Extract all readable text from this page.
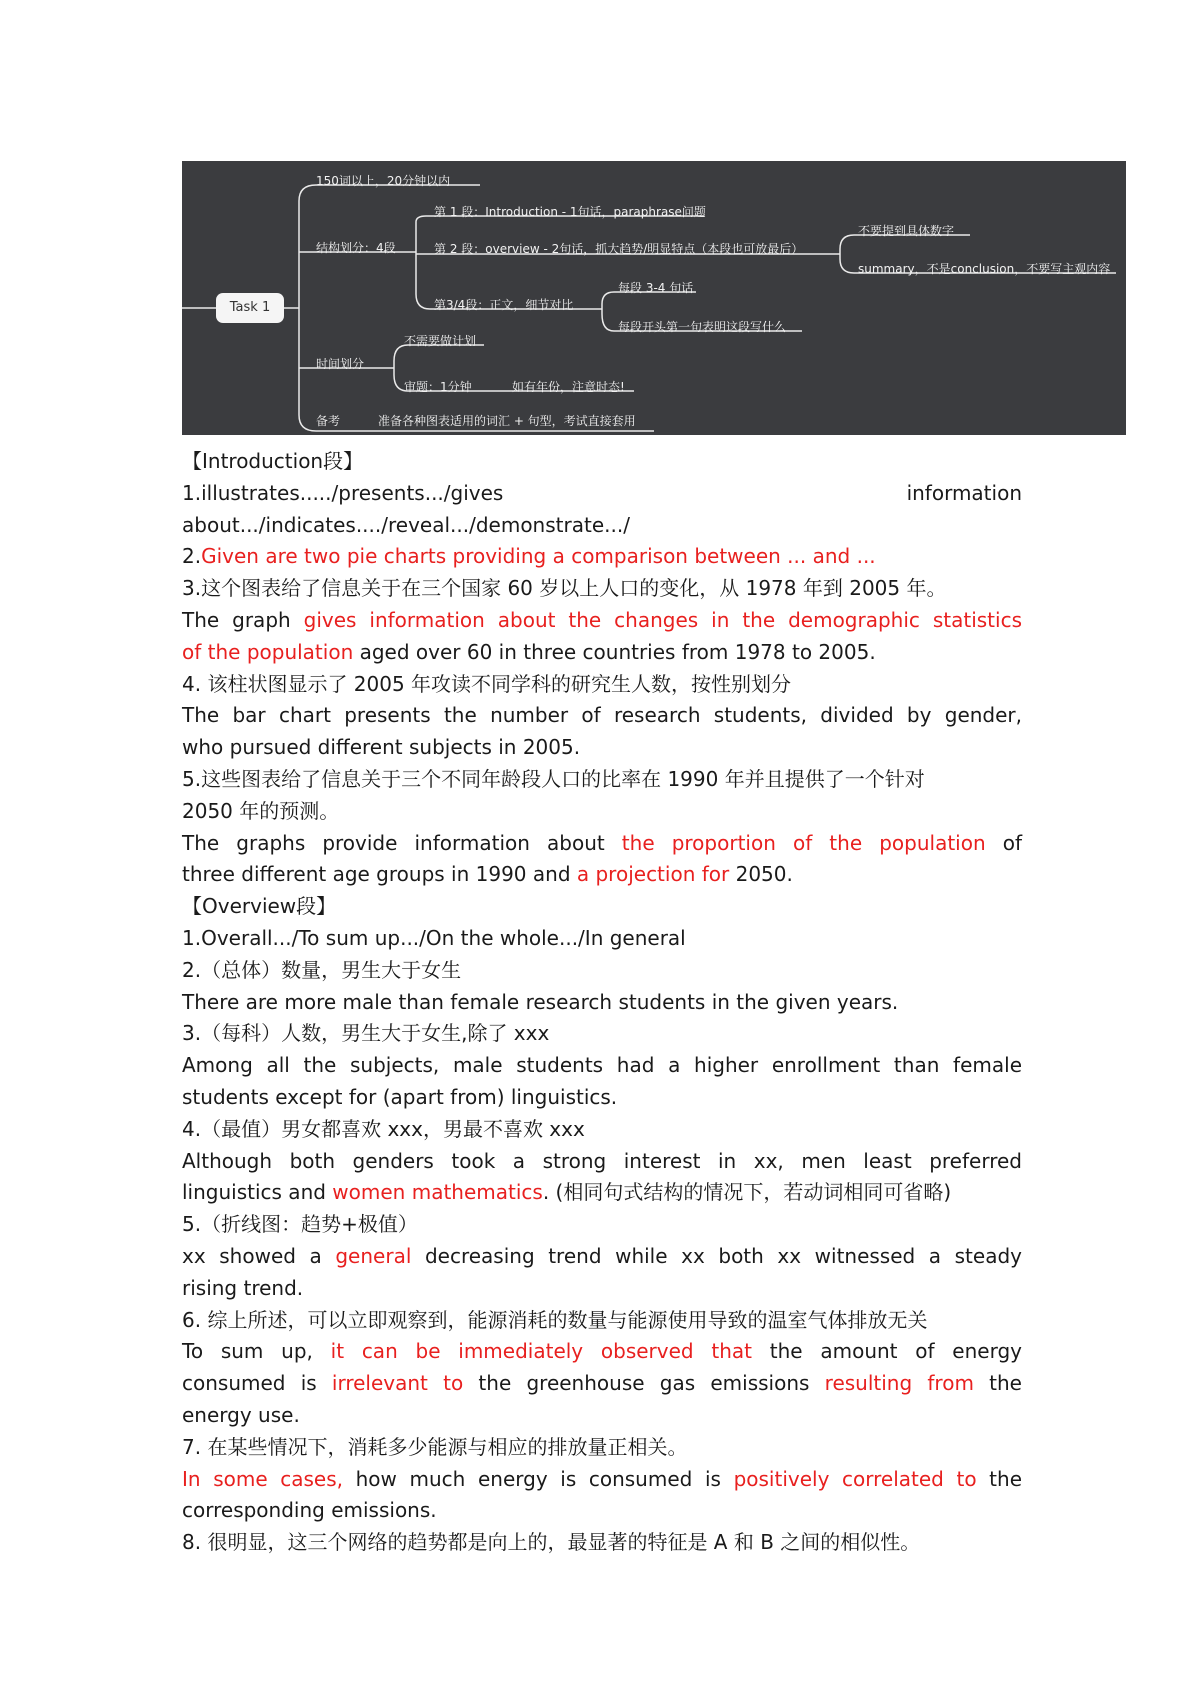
Task 1
150词以上，20分钟以内
结构划分：4段
第 1 段：Introduction - 1句话，paraphrase问题
第 2 段：overview - 2句话，抓大趋势/明显特点（本段也可放最后）
不要提到具体数字
summary，不是conclusion，不要写主观内容
第3/4段：正文，细节对比
每段 3-4 句话
每段开头第一句表明这段写什么
时间划分
不需要做计划
审题：1分钟	如有年份，注意时态!
备考	准备各种图表适用的词汇 + 句型，考试直接套用

【Introduction段】

1.illustrates...../presents.../gives	information

about.../indicates..../reveal.../demonstrate.../

2.Given are two pie charts providing a comparison between ... and ...

3.这个图表给了信息关于在三个国家 60 岁以上人口的变化，从 1978 年到 2005 年。

The graph gives information about the changes in the demographic statistics

of the population aged over 60 in three countries from 1978 to 2005.

4. 该柱状图显示了 2005 年攻读不同学科的研究生人数，按性别划分

The bar chart presents the number of research students, divided by gender,

who pursued different subjects in 2005.

5.这些图表给了信息关于三个不同年龄段人口的比率在 1990 年并且提供了一个针对

2050 年的预测。

The graphs provide information about the proportion of the population of

three different age groups in 1990 and a projection for 2050.

【Overview段】

1.Overall.../To sum up.../On the whole.../In general

2.（总体）数量，男生大于女生

There are more male than female research students in the given years.

3.（每科）人数，男生大于女生,除了 xxx

Among all the subjects, male students had a higher enrollment than female

students except for (apart from) linguistics.

4.（最值）男女都喜欢 xxx，男最不喜欢 xxx

Although both genders took a strong interest in xx, men least preferred

linguistics and women mathematics. (相同句式结构的情况下，若动词相同可省略)

5.（折线图：趋势+极值）

xx showed a general decreasing trend while xx both xx witnessed a steady

rising trend.

6. 综上所述，可以立即观察到，能源消耗的数量与能源使用导致的温室气体排放无关

To sum up, it can be immediately observed that the amount of energy

consumed is irrelevant to the greenhouse gas emissions resulting from the

energy use.

7. 在某些情况下，消耗多少能源与相应的排放量正相关。

In some cases, how much energy is consumed is positively correlated to the

corresponding emissions.

8. 很明显，这三个网络的趋势都是向上的，最显著的特征是 A 和 B 之间的相似性。
